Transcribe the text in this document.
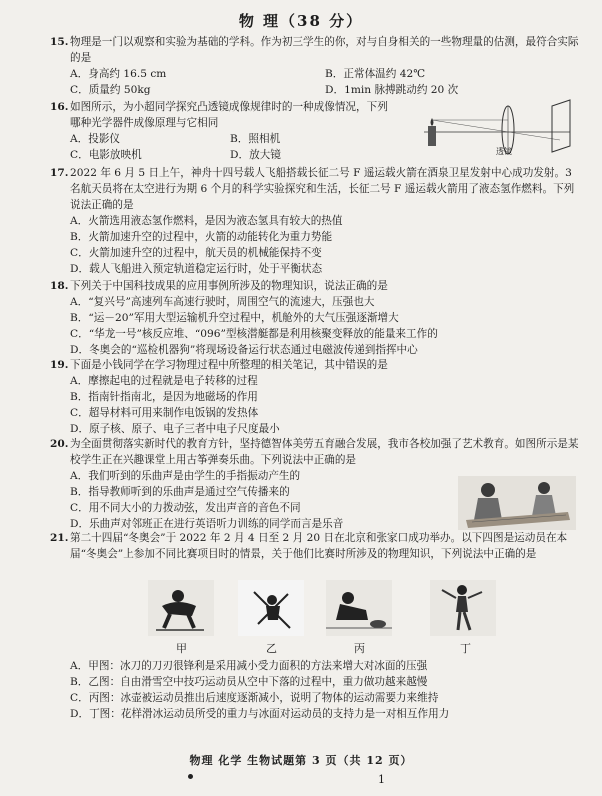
物 理（38 分）
15. 物理是一门以观察和实验为基础的学科。作为初三学生的你，对与自身相关的一些物理量的估测，最符合实际的是
A．身高约 16.5 cm	B．正常体温约 42℃
C．质量约 50kg	D．1min 脉搏跳动约 20 次
16. 如图所示，为小超同学探究凸透镜成像规律时的一种成像情况，下列哪种光学器件成像原理与它相同
A．投影仪	B．照相机
C．电影放映机	D．放大镜	透镜
17. 2022 年 6 月 5 日上午，神舟十四号载人飞船搭载长征二号 F 遥运载火箭在酒泉卫星发射中心成功发射。3 名航天员将在太空进行为期 6 个月的科学实验探究和生活，长征二号 F 遥运载火箭用了液态氢作燃料。下列说法正确的是
A．火箭选用液态氢作燃料，是因为液态氢具有较大的热值
B．火箭加速升空的过程中，火箭的动能转化为重力势能
C．火箭加速升空的过程中，航天员的机械能保持不变
D．载人飞船进入预定轨道稳定运行时，处于平衡状态
18. 下列关于中国科技成果的应用事例所涉及的物理知识，说法正确的是
A．“复兴号”高速列车高速行驶时，周围空气的流速大，压强也大
B．“运－20”军用大型运输机升空过程中，机舱外的大气压强逐渐增大
C．“华龙一号”核反应堆、“096”型核潜艇都是利用核聚变释放的能量来工作的
D．冬奥会的“巡检机器狗”将现场设备运行状态通过电磁波传递到指挥中心
19. 下面是小钱同学在学习物理过程中所整理的相关笔记，其中错误的是
A．摩擦起电的过程就是电子转移的过程
B．指南针指南北，是因为地磁场的作用
C．超导材料可用来制作电饭锅的发热体
D．原子核、原子、电子三者中电子尺度最小
20. 为全面贯彻落实新时代的教育方针，坚持德智体美劳五育融合发展，我市各校加强了艺术教育。如图所示是某校学生正在兴趣课堂上用古筝弹奏乐曲。下列说法中正确的是
A．我们听到的乐曲声是由学生的手指振动产生的
B．指导教师听到的乐曲声是通过空气传播来的
C．用不同大小的力拨动弦，发出声音的音色不同
D．乐曲声对邻班正在进行英语听力训练的同学而言是乐音
21. 第二十四届“冬奥会”于 2022 年 2 月 4 日至 2 月 20 日在北京和张家口成功举办。以下四图是运动员在本届“冬奥会”上参加不同比赛项目时的情景，关于他们比赛时所涉及的物理知识，下列说法中正确的是
甲	乙	丙	丁
A．甲图：冰刀的刀刃很锋利是采用减小受力面积的方法来增大对冰面的压强
B．乙图：自由滑雪空中技巧运动员从空中下落的过程中，重力做功越来越慢
C．丙图：冰壶被运动员推出后速度逐渐减小，说明了物体的运动需要力来维持
D．丁图：花样滑冰运动员所受的重力与冰面对运动员的支持力是一对相互作用力
物理 化学 生物试题第 3 页（共 12 页）
1
